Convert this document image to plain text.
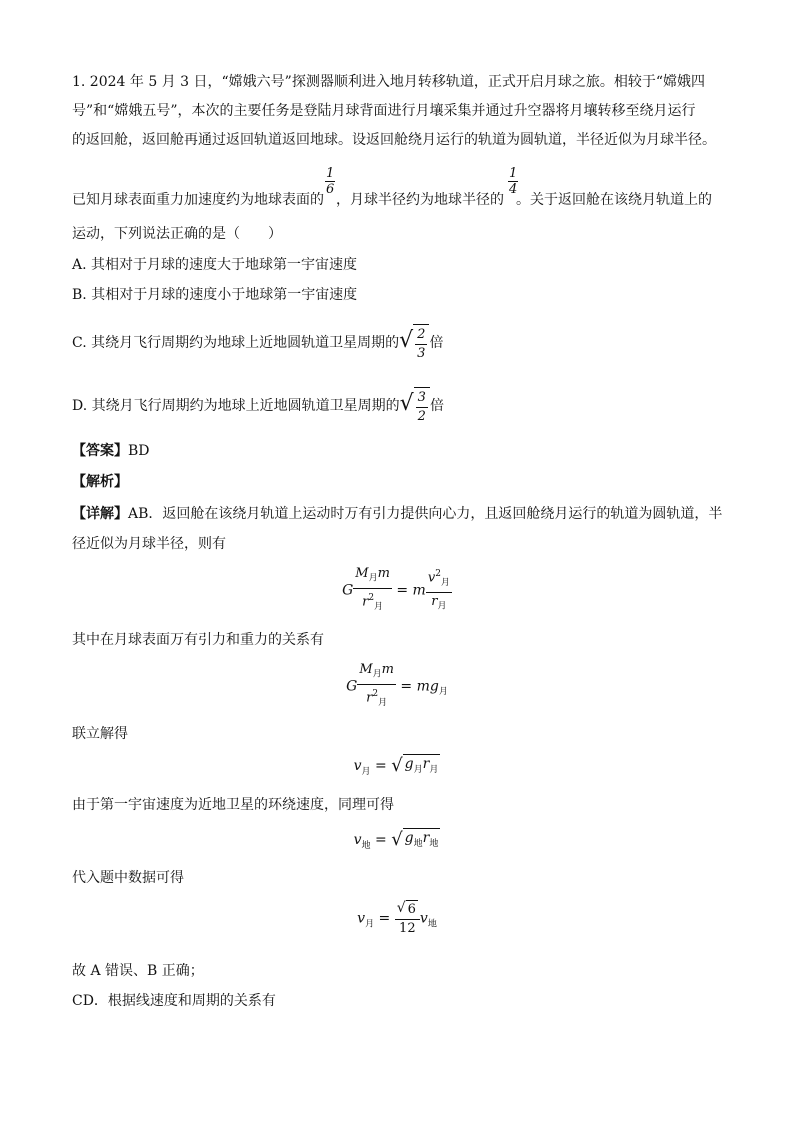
1. 2024 年 5 月 3 日，“嫦娥六号”探测器顺利进入地月转移轨道，正式开启月球之旅。相较于“嫦娥四
号”和“嫦娥五号”，本次的主要任务是登陆月球背面进行月壤采集并通过升空器将月壤转移至绕月运行
的返回舱，返回舱再通过返回轨道返回地球。设返回舱绕月运行的轨道为圆轨道，半径近似为月球半径。
已知月球表面重力加速度约为地球表面的 ，月球半径约为地球半径的 。关于返回舱在该绕月轨道上的
1
6
1
4
运动，下列说法正确的是（　　）
A. 其相对于月球的速度大于地球第一宇宙速度
B. 其相对于月球的速度小于地球第一宇宙速度
C. 其绕月飞行周期约为地球上近地圆轨道卫星周期的 √ $\frac{2}{3}$ 倍
D. 其绕月飞行周期约为地球上近地圆轨道卫星周期的 √ $\frac{3}{2}$ 倍
【答案】BD
【解析】
【详解】AB．返回舱在该绕月轨道上运动时万有引力提供向心力，且返回舱绕月运行的轨道为圆轨道，半
径近似为月球半径，则有
G $\frac{M_月m}{r^2_月} = m \frac{v^2_月}{r_月}$
其中在月球表面万有引力和重力的关系有
G $\frac{M_月m}{r^2_月} = mg_月$
联立解得
$v_月$ = √ $g_月r_月$
由于第一宇宙速度为近地卫星的环绕速度，同理可得
$v_地$ = √ $g_地r_地$
代入题中数据可得
$v_月 = \frac{√ 6}{12} v_地$
故 A 错误、B 正确；
CD．根据线速度和周期的关系有
